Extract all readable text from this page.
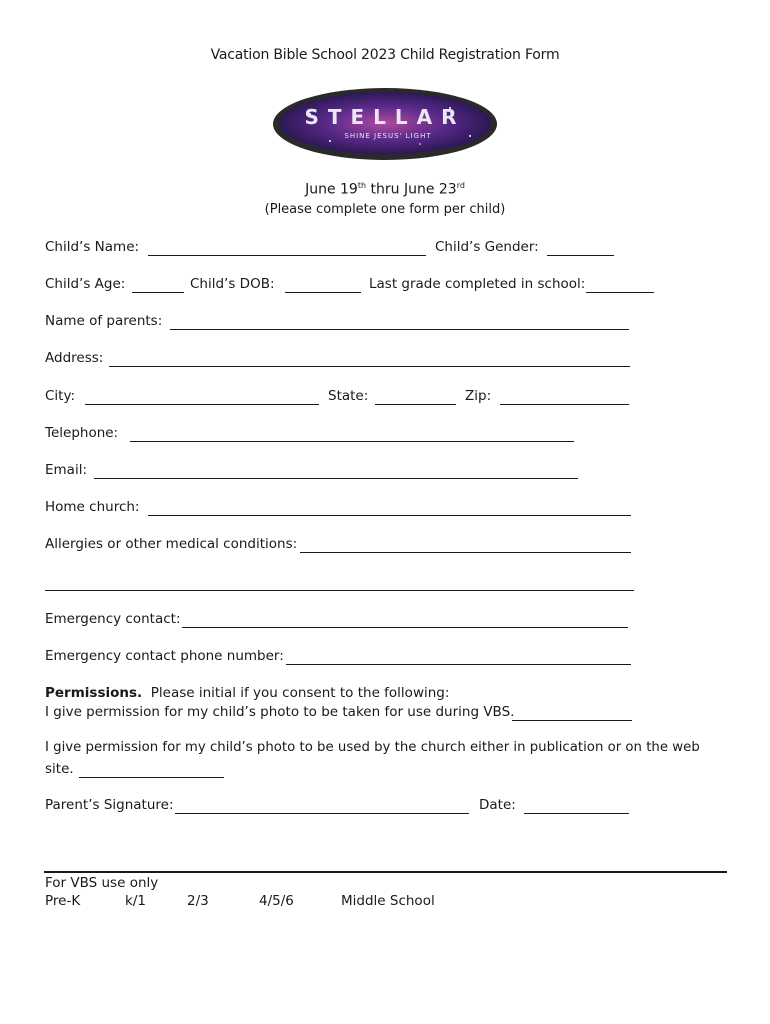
Vacation Bible School 2023 Child Registration Form
STELLAR
SHINE JESUS' LIGHT
June 19th thru June 23rd
(Please complete one form per child)
Child’s Name:	Child’s Gender:
Child’s Age:	Child’s DOB:	Last grade completed in school:
Name of parents:
Address:
City:	State:	Zip:
Telephone:
Email:
Home church:
Allergies or other medical conditions:
Emergency contact:
Emergency contact phone number:
Permissions. Please initial if you consent to the following:
I give permission for my child’s photo to be taken for use during VBS.
I give permission for my child’s photo to be used by the church either in publication or on the web
site.
Parent’s Signature:	Date:
For VBS use only
Pre-K	k/1	2/3	4/5/6	Middle School
